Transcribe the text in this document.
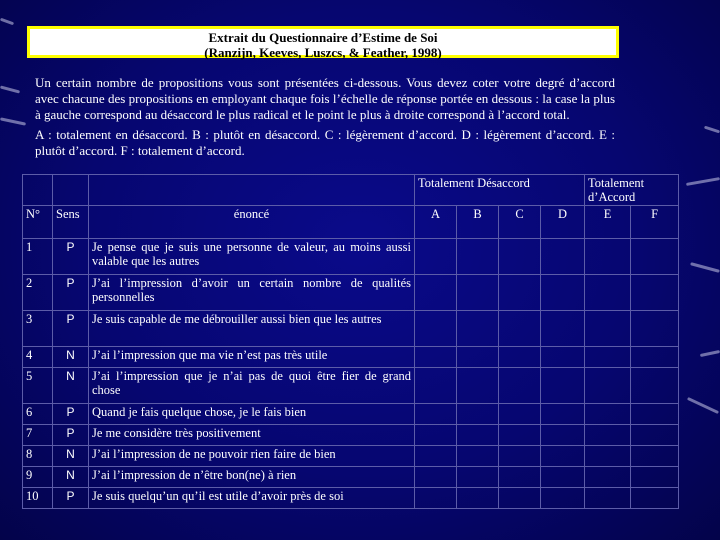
Extrait du Questionnaire d’Estime de Soi
(Ranzijn, Keeves, Luszcs, & Feather, 1998)

Un certain nombre de propositions vous sont présentées ci-dessous. Vous devez coter votre degré d’accord avec chacune des propositions en employant chaque fois l’échelle de réponse portée en dessous : la case la plus à gauche correspond au désaccord le plus radical et le point le plus à droite correspond à l’accord total.

A : totalement en désaccord. B : plutôt en désaccord. C : légèrement d’accord. D : légèrement d’accord. E : plutôt d’accord. F : totalement d’accord.

			Totalement Désaccord				Totalement d’Accord	
N°	Sens	énoncé	A	B	C	D	E	F
1	P	Je pense que je suis une personne de valeur, au moins aussi valable que les autres						
2	P	J’ai l’impression d’avoir un certain nombre de qualités personnelles						
3	P	Je suis capable de me débrouiller aussi bien que les autres						
4	N	J’ai l’impression que ma vie n’est pas très utile						
5	N	J’ai l’impression que je n’ai pas de quoi être fier de grand chose						
6	P	Quand je fais quelque chose, je le fais bien						
7	P	Je me considère très positivement						
8	N	J’ai l’impression de ne pouvoir rien faire de bien						
9	N	J’ai l’impression de n’être bon(ne) à rien						
10	P	Je suis quelqu’un qu’il est utile d’avoir près de soi						
